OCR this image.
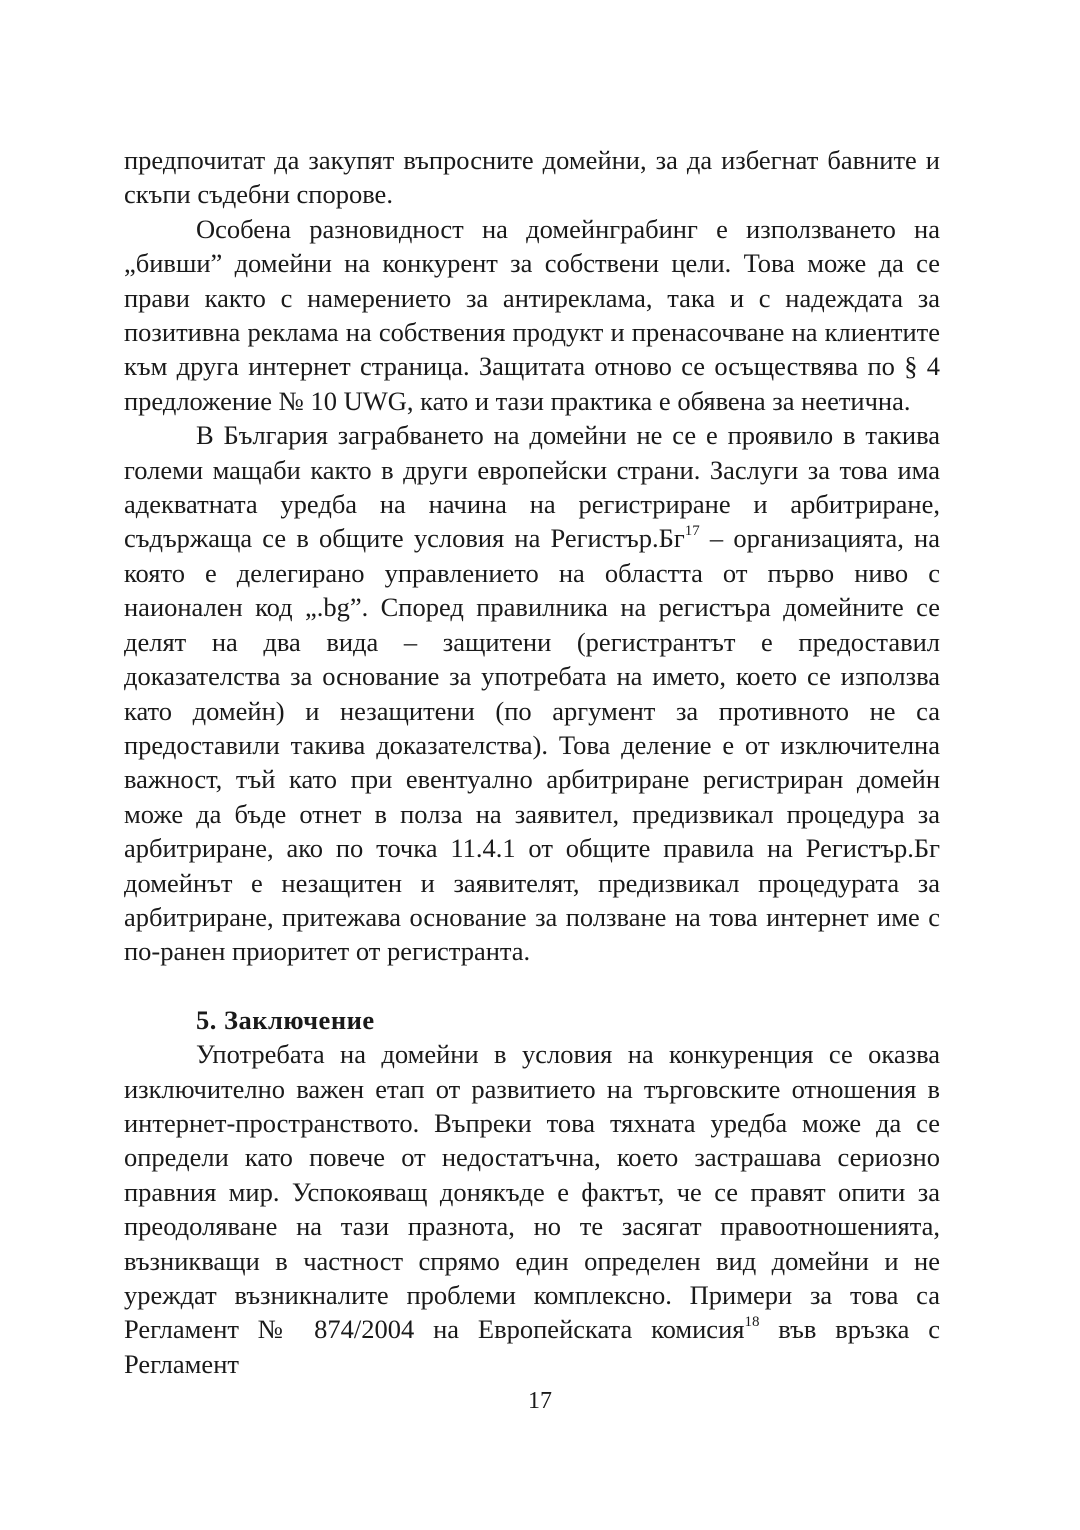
предпочитат да закупят въпросните домейни, за да избегнат бавните и скъпи съдебни спорове.

Особена разновидност на домейнграбинг е използването на „бивши” домейни на конкурент за собствени цели. Това може да се прави както с намерението за антиреклама, така и с надеждата за позитивна реклама на собствения продукт и пренасочване на клиентите към друга интернет страница. Защитата отново се осъществява по § 4 предложение № 10 UWG, като и тази практика е обявена за неетична.

В България заграбването на домейни не се е проявило в такива големи мащаби както в други европейски страни. Заслуги за това има адекватната уредба на начина на регистриране и арбитриране, съдържаща се в общите условия на $Регистър.Бг^{17}$ – организацията, на която е делегирано управлението на областта от първо ниво с наионален код „.bg”. Според правилника на регистъра домейните се делят на два вида – защитени (регистрантът е предоставил доказателства за основание за употребата на името, което се използва като домейн) и незащитени (по аргумент за противното не са предоставили такива доказателства). Това деление е от изключителна важност, тъй като при евентуално арбитриране регистриран домейн може да бъде отнет в полза на заявител, предизвикал процедура за арбитриране, ако по точка 11.4.1 от общите правила на Регистър.Бг домейнът е незащитен и заявителят, предизвикал процедурата за арбитриране, притежава основание за ползване на това интернет име с по-ранен приоритет от регистранта.

5. Заключение

Употребата на домейни в условия на конкуренция се оказва изключително важен етап от развитието на търговските отношения в интернет-пространството. Въпреки това тяхната уредба може да се определи като повече от недостатъчна, което застрашава сериозно правния мир. Успокояващ донякъде е фактът, че се правят опити за преодоляване на тази празнота, но те засягат правоотношенията, възникващи в частност спрямо един определен вид домейни и не уреждат възникналите проблеми комплексно. Примери за това са Регламент № 874/2004 на Европейската комисия$^{18}$ във връзка с Регламент

17
